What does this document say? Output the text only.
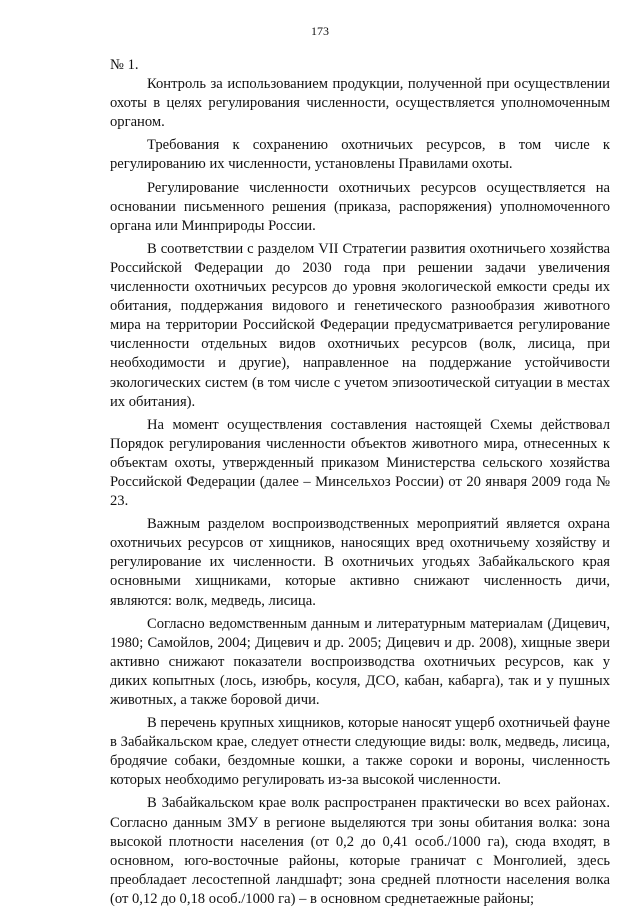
173

№ 1.

Контроль за использованием продукции, полученной при осуществлении охоты в целях регулирования численности, осуществляется уполномоченным органом.

Требования к сохранению охотничьих ресурсов, в том числе к регулированию их численности, установлены Правилами охоты.

Регулирование численности охотничьих ресурсов осуществляется на основании письменного решения (приказа, распоряжения) уполномоченного органа или Минприроды России.

В соответствии с разделом VII Стратегии развития охотничьего хозяйства Российской Федерации до 2030 года при решении задачи увеличения численности охотничьих ресурсов до уровня экологической емкости среды их обитания, поддержания видового и генетического разнообразия животного мира на территории Российской Федерации предусматривается регулирование численности отдельных видов охотничьих ресурсов (волк, лисица, при необходимости и другие), направленное на поддержание устойчивости экологических систем (в том числе с учетом эпизоотической ситуации в местах их обитания).

На момент осуществления составления настоящей Схемы действовал Порядок регулирования численности объектов животного мира, отнесенных к объектам охоты, утвержденный приказом Министерства сельского хозяйства Российской Федерации (далее – Минсельхоз России) от 20 января 2009 года № 23.

Важным разделом воспроизводственных мероприятий является охрана охотничьих ресурсов от хищников, наносящих вред охотничьему хозяйству и регулирование их численности. В охотничьих угодьях Забайкальского края основными хищниками, которые активно снижают численность дичи, являются: волк, медведь, лисица.

Согласно ведомственным данным и литературным материалам (Дицевич, 1980; Самойлов, 2004; Дицевич и др. 2005; Дицевич и др. 2008), хищные звери активно снижают показатели воспроизводства охотничьих ресурсов, как у диких копытных (лось, изюбрь, косуля, ДСО, кабан, кабарга), так и у пушных животных, а также боровой дичи.

В перечень крупных хищников, которые наносят ущерб охотничьей фауне в Забайкальском крае, следует отнести следующие виды: волк, медведь, лисица, бродячие собаки, бездомные кошки, а также сороки и вороны, численность которых необходимо регулировать из-за высокой численности.

В Забайкальском крае волк распространен практически во всех районах. Согласно данным ЗМУ в регионе выделяются три зоны обитания волка: зона высокой плотности населения (от 0,2 до 0,41 особ./1000 га), сюда входят, в основном, юго-восточные районы, которые граничат с Монголией, здесь преобладает лесостепной ландшафт; зона средней плотности населения волка (от 0,12 до 0,18 особ./1000 га) – в основном среднетаежные районы;
